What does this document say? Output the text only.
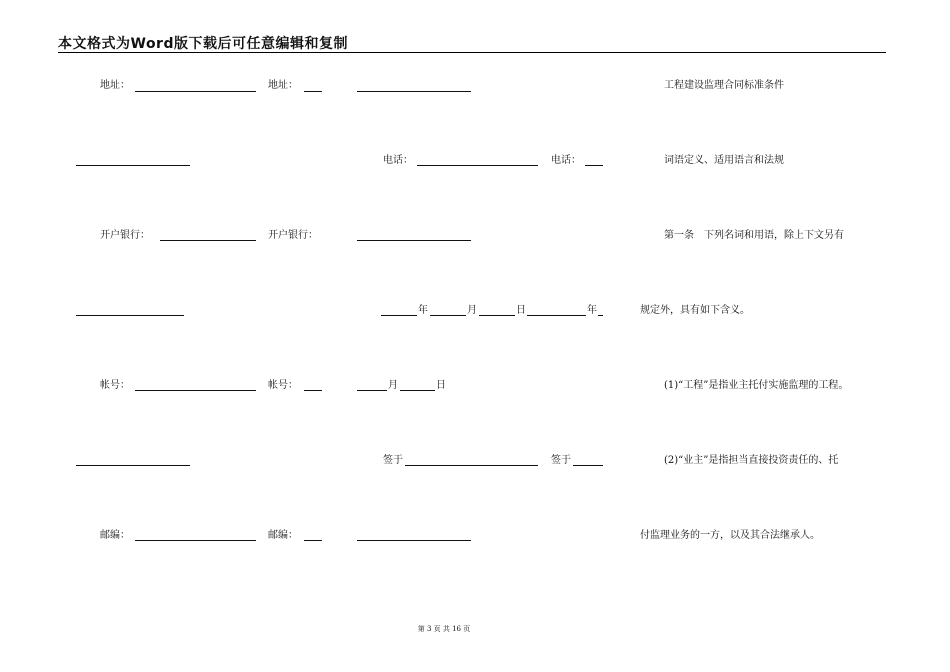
本文格式为Word版下载后可任意编辑和复制
地址：	地址：	工程建设监理合同标准条件
电话：	电话：	词语定义、适用语言和法规
开户银行：	开户银行：	第一条　下列名词和用语，除上下文另有
年	月	日	年	规定外，具有如下含义。
帐号：	帐号：	月	日	(1)“工程”是指业主托付实施监理的工程。
签于	签于	(2)“业主”是指担当直接投资责任的、托
邮编：	邮编：	付监理业务的一方，以及其合法继承人。
第 3 页 共 16 页
